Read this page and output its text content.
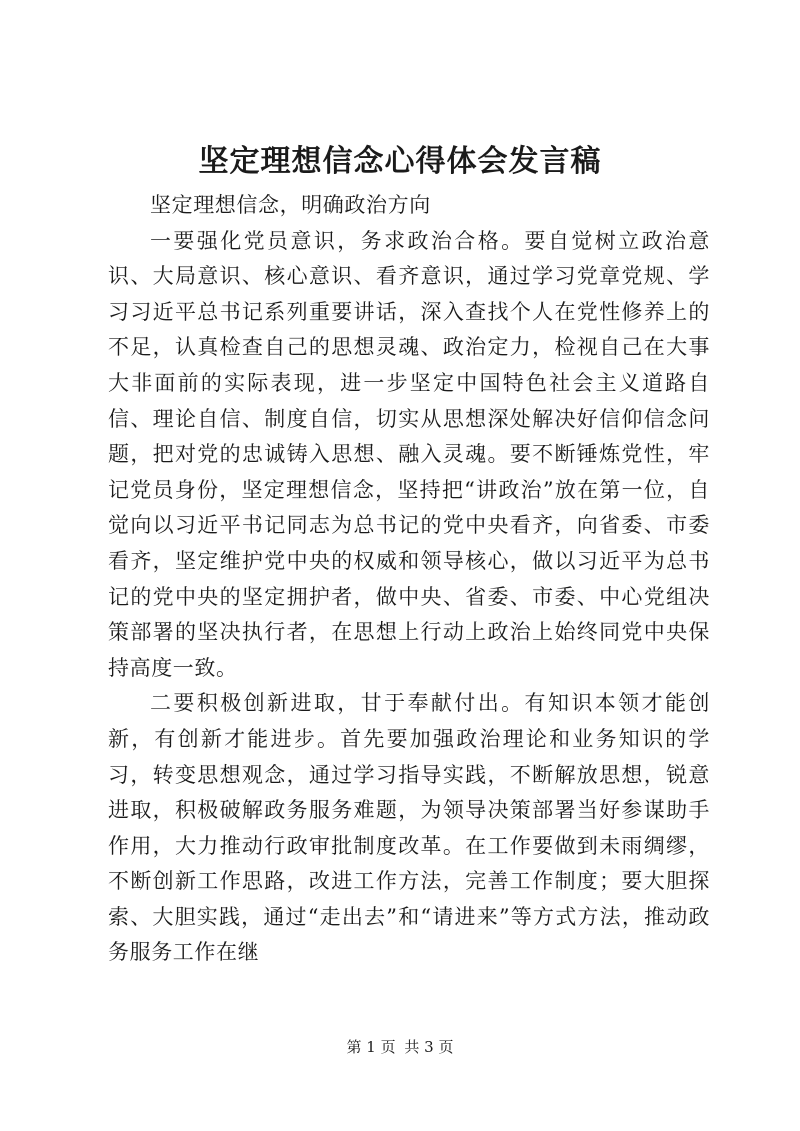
坚定理想信念心得体会发言稿

坚定理想信念，明确政治方向

一要强化党员意识，务求政治合格。要自觉树立政治意识、大局意识、核心意识、看齐意识，通过学习党章党规、学习习近平总书记系列重要讲话，深入查找个人在党性修养上的不足，认真检查自己的思想灵魂、政治定力，检视自己在大事大非面前的实际表现，进一步坚定中国特色社会主义道路自信、理论自信、制度自信，切实从思想深处解决好信仰信念问题，把对党的忠诚铸入思想、融入灵魂。要不断锤炼党性，牢记党员身份，坚定理想信念，坚持把“讲政治”放在第一位，自觉向以习近平书记同志为总书记的党中央看齐，向省委、市委看齐，坚定维护党中央的权威和领导核心，做以习近平为总书记的党中央的坚定拥护者，做中央、省委、市委、中心党组决策部署的坚决执行者，在思想上行动上政治上始终同党中央保持高度一致。

二要积极创新进取，甘于奉献付出。有知识本领才能创新，有创新才能进步。首先要加强政治理论和业务知识的学习，转变思想观念，通过学习指导实践，不断解放思想，锐意进取，积极破解政务服务难题，为领导决策部署当好参谋助手作用，大力推动行政审批制度改革。在工作要做到未雨绸缪，不断创新工作思路，改进工作方法，完善工作制度；要大胆探索、大胆实践，通过“走出去”和“请进来”等方式方法，推动政务服务工作在继

第 1 页 共 3 页
